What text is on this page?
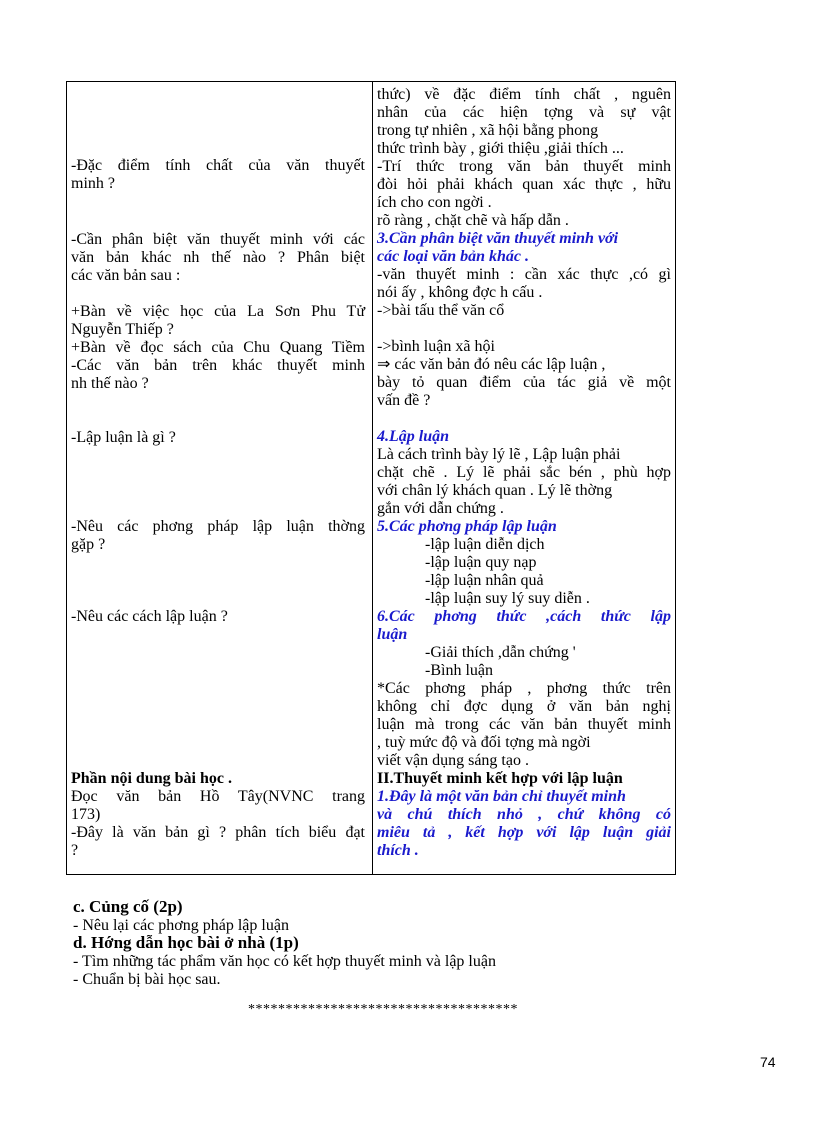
-Đặc điểm tính chất của văn thuyết
minh ?
-Cần phân biệt văn thuyết minh với các
văn bản khác nh thế nào ? Phân biệt
các văn bản sau :
+Bàn về việc học của La Sơn Phu Tử
Nguyễn Thiếp ?
+Bàn về đọc sách của Chu Quang Tiềm
-Các văn bản trên khác thuyết minh
nh thế nào ?
-Lập luận là gì ?
-Nêu các phơng pháp lập luận thờng
gặp ?
-Nêu các cách lập luận ?
Phần nội dung bài học .
Đọc văn bản Hồ Tây(NVNC trang
173)
-Đây là văn bản gì ? phân tích biểu đạt
?
thức) về đặc điểm tính chất , nguên
nhân của các hiện tợng và sự vật
trong tự nhiên , xã hội bằng phong
thức trình bày , giới thiệu ,giải thích ...
-Trí thức trong văn bản thuyết minh
đòi hỏi phải khách quan xác thực , hữu
ích cho con ngời .
rõ ràng , chặt chẽ và hấp dẫn .
3.Cần phân biệt văn thuyết minh với
các loại văn bản khác .
-văn thuyết minh : cần xác thực ,có gì
nói ấy , không đợc h cấu .
->bài tấu thể văn cổ
->bình luận xã hội
⇒ các văn bản đó nêu các lập luận ,
bày tỏ quan điểm của tác giả về một
vấn đề ?
4.Lập luận
Là cách trình bày lý lẽ , Lập luận phải
chặt chẽ . Lý lẽ phải sắc bén , phù hợp
với chân lý khách quan . Lý lẽ thờng
gắn với dẫn chứng .
5.Các phơng pháp lập luận
-lập luận diễn dịch
-lập luận quy nạp
-lập luận nhân quả
-lập luận suy lý suy diễn .
6.Các phơng thức ,cách thức lập
luận
-Giải thích ,dẫn chứng '
-Bình luận
*Các phơng pháp , phơng thức trên
không chỉ đợc dụng ở văn bản nghị
luận mà trong các văn bản thuyết minh
, tuỳ mức độ và đối tợng mà ngời
viết vận dụng sáng tạo .
II.Thuyết minh kết hợp với lập luận
1.Đây là một văn bản chỉ thuyết minh
và chú thích nhỏ , chứ không có
miêu tả , kết hợp với lập luận giải
thích .
c. Củng cố (2p)
- Nêu lại các phơng pháp lập luận
d. Hớng dẫn học bài ở nhà (1p)
- Tìm những tác phẩm văn học có kết hợp thuyết minh và lập luận
- Chuẩn bị bài học sau.
************************************
74
